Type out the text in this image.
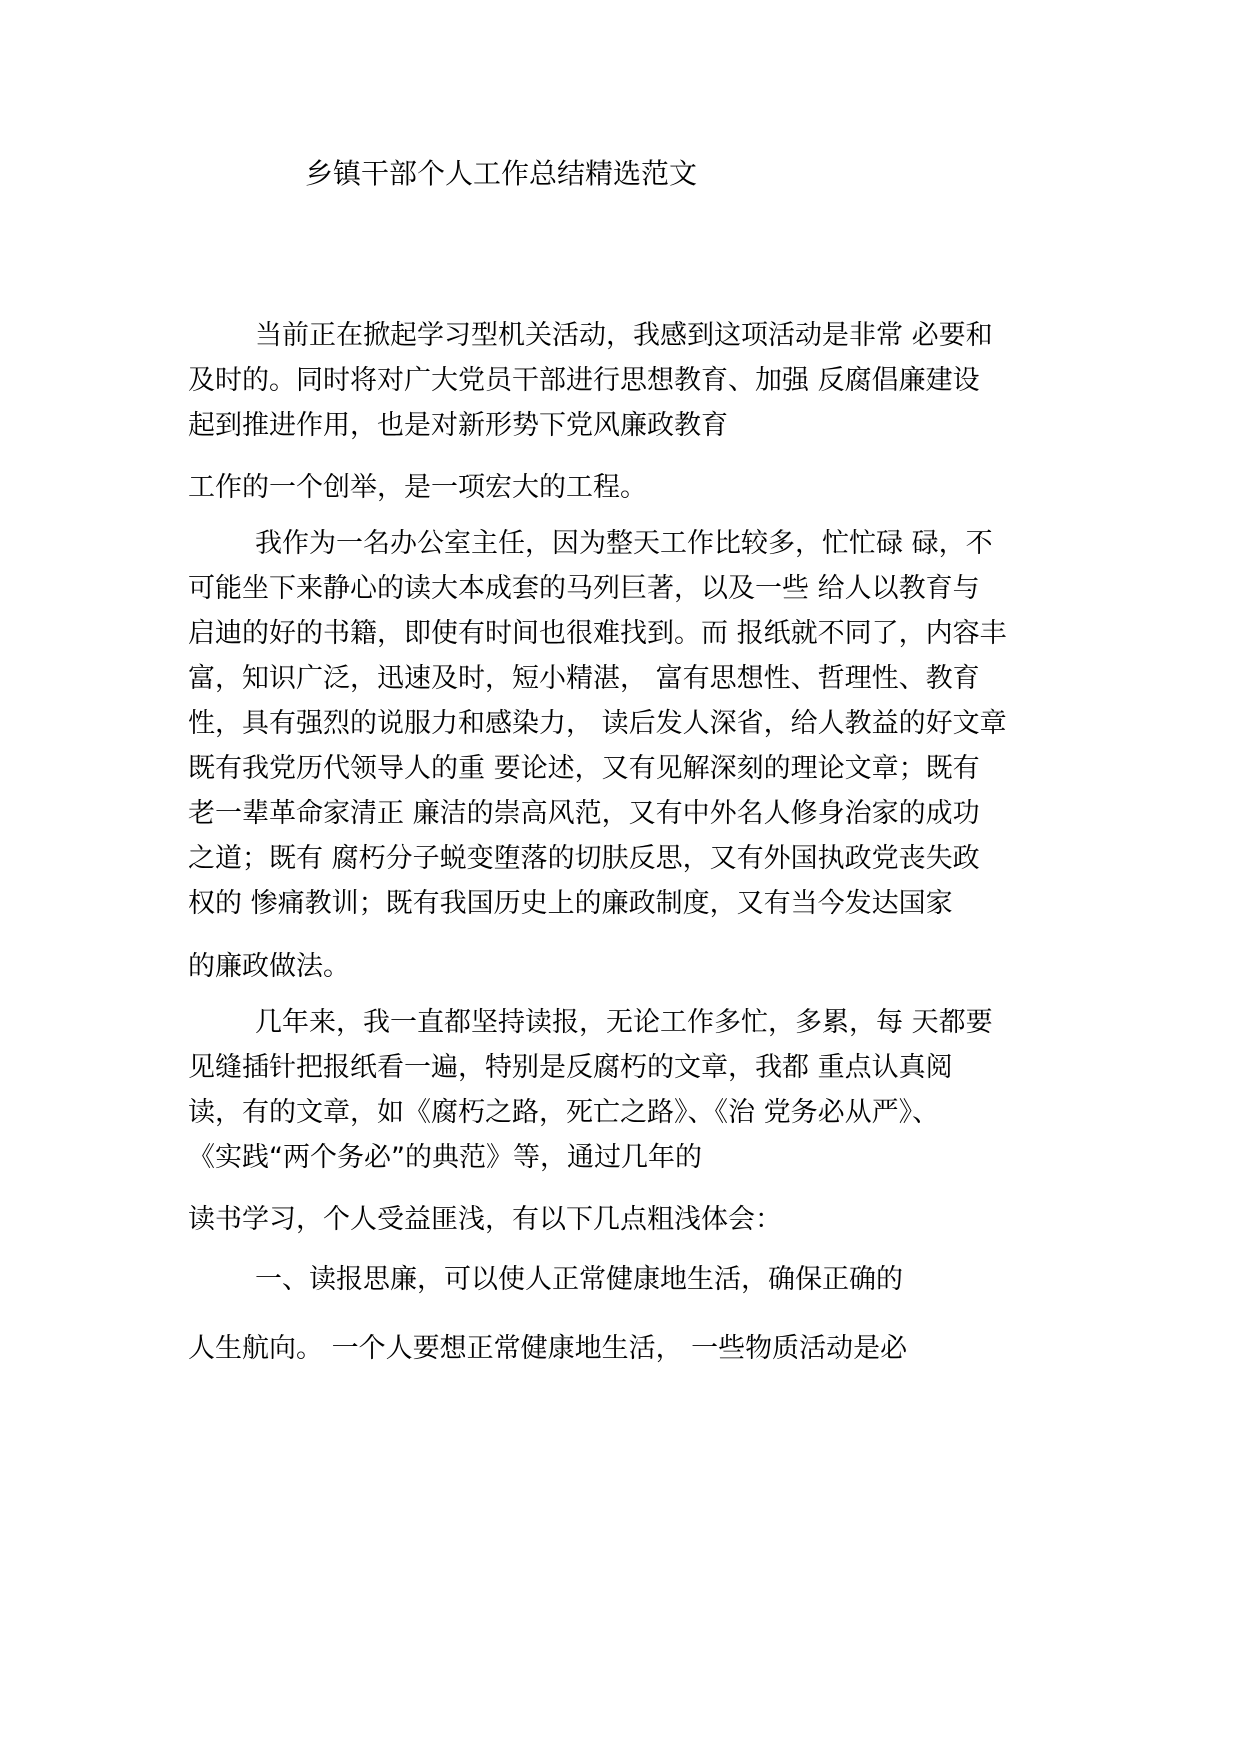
乡镇干部个人工作总结精选范文
当前正在掀起学习型机关活动，我感到这项活动是非常 必要和
及时的。同时将对广大党员干部进行思想教育、加强 反腐倡廉建设
起到推进作用，也是对新形势下党风廉政教育
工作的一个创举，是一项宏大的工程。
我作为一名办公室主任，因为整天工作比较多，忙忙碌 碌，不
可能坐下来静心的读大本成套的马列巨著，以及一些 给人以教育与
启迪的好的书籍，即使有时间也很难找到。而 报纸就不同了，内容丰
富，知识广泛，迅速及时，短小精湛， 富有思想性、哲理性、教育
性，具有强烈的说服力和感染力， 读后发人深省，给人教益的好文章
既有我党历代领导人的重 要论述，又有见解深刻的理论文章；既有
老一辈革命家清正 廉洁的崇高风范，又有中外名人修身治家的成功
之道；既有 腐朽分子蜕变堕落的切肤反思，又有外国执政党丧失政
权的 惨痛教训；既有我国历史上的廉政制度，又有当今发达国家
的廉政做法。
几年来，我一直都坚持读报，无论工作多忙，多累，每 天都要
见缝插针把报纸看一遍，特别是反腐朽的文章，我都 重点认真阅
读，有的文章，如《腐朽之路，死亡之路》、《治 党务必从严》、
《实践“两个务必”的典范》等，通过几年的
读书学习，个人受益匪浅，有以下几点粗浅体会：
一、读报思廉，可以使人正常健康地生活，确保正确的
人生航向。 一个人要想正常健康地生活， 一些物质活动是必
